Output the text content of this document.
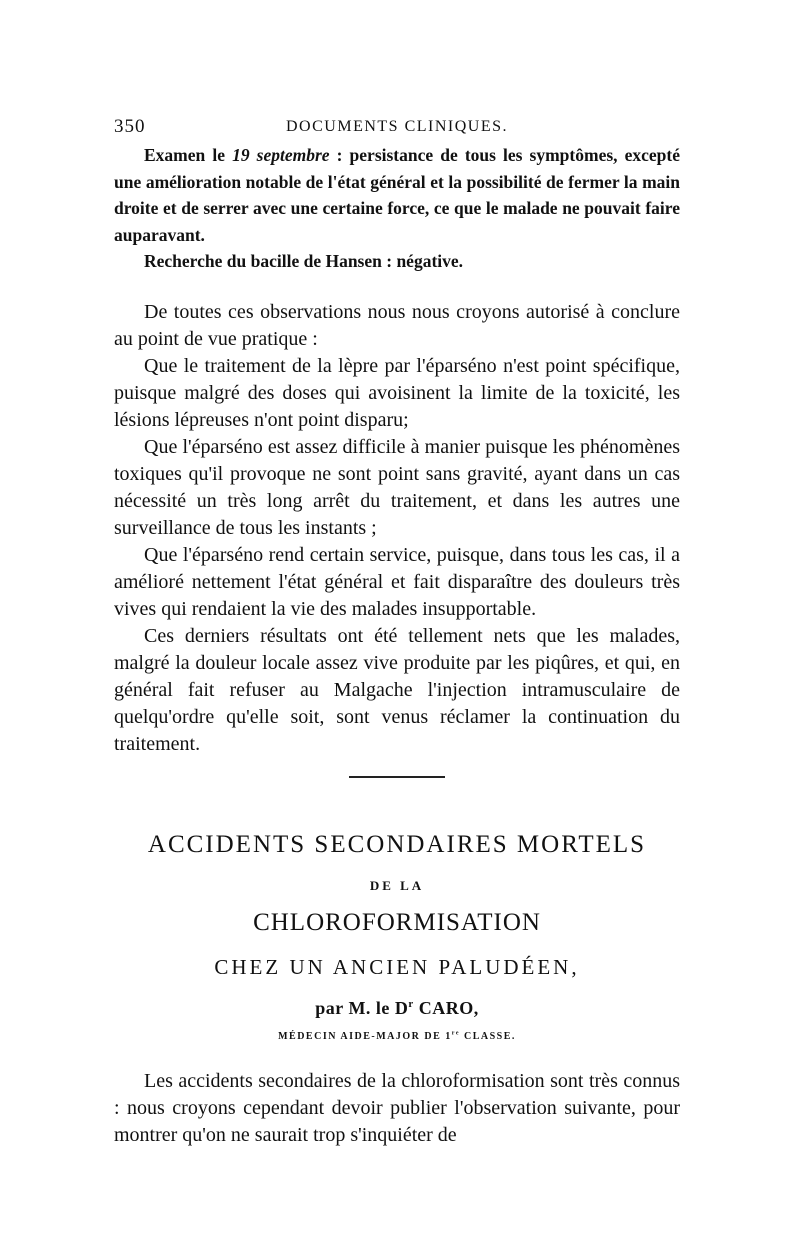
350	DOCUMENTS CLINIQUES.

Examen le 19 septembre : persistance de tous les symptômes, excepté une amélioration notable de l'état général et la possibilité de fermer la main droite et de serrer avec une certaine force, ce que le malade ne pouvait faire auparavant.

Recherche du bacille de Hansen : négative.

De toutes ces observations nous nous croyons autorisé à conclure au point de vue pratique :

Que le traitement de la lèpre par l'éparséno n'est point spécifique, puisque malgré des doses qui avoisinent la limite de la toxicité, les lésions lépreuses n'ont point disparu;

Que l'éparséno est assez difficile à manier puisque les phénomènes toxiques qu'il provoque ne sont point sans gravité, ayant dans un cas nécessité un très long arrêt du traitement, et dans les autres une surveillance de tous les instants ;

Que l'éparséno rend certain service, puisque, dans tous les cas, il a amélioré nettement l'état général et fait disparaître des douleurs très vives qui rendaient la vie des malades insupportable.

Ces derniers résultats ont été tellement nets que les malades, malgré la douleur locale assez vive produite par les piqûres, et qui, en général fait refuser au Malgache l'injection intramusculaire de quelqu'ordre qu'elle soit, sont venus réclamer la continuation du traitement.

ACCIDENTS SECONDAIRES MORTELS
DE LA
CHLOROFORMISATION
CHEZ UN ANCIEN PALUDÉEN,
par M. le $D^r$ CARO,
MÉDECIN AIDE-MAJOR DE 1re CLASSE.

Les accidents secondaires de la chloroformisation sont très connus : nous croyons cependant devoir publier l'observation suivante, pour montrer qu'on ne saurait trop s'inquiéter de
